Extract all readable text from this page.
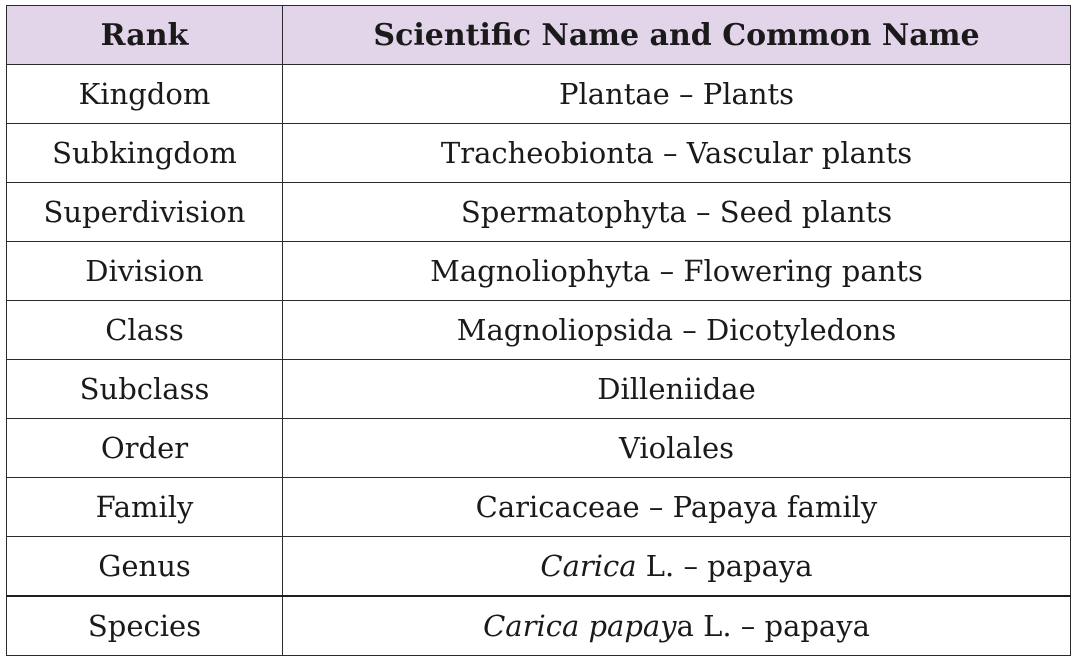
Rank	Scientific Name and Common Name
Kingdom	Plantae – Plants
Subkingdom	Tracheobionta – Vascular plants
Superdivision	Spermatophyta – Seed plants
Division	Magnoliophyta – Flowering pants
Class	Magnoliopsida – Dicotyledons
Subclass	Dilleniidae
Order	Violales
Family	Caricaceae – Papaya family
Genus	Carica L. – papaya
Species	Carica papaya L. – papaya
